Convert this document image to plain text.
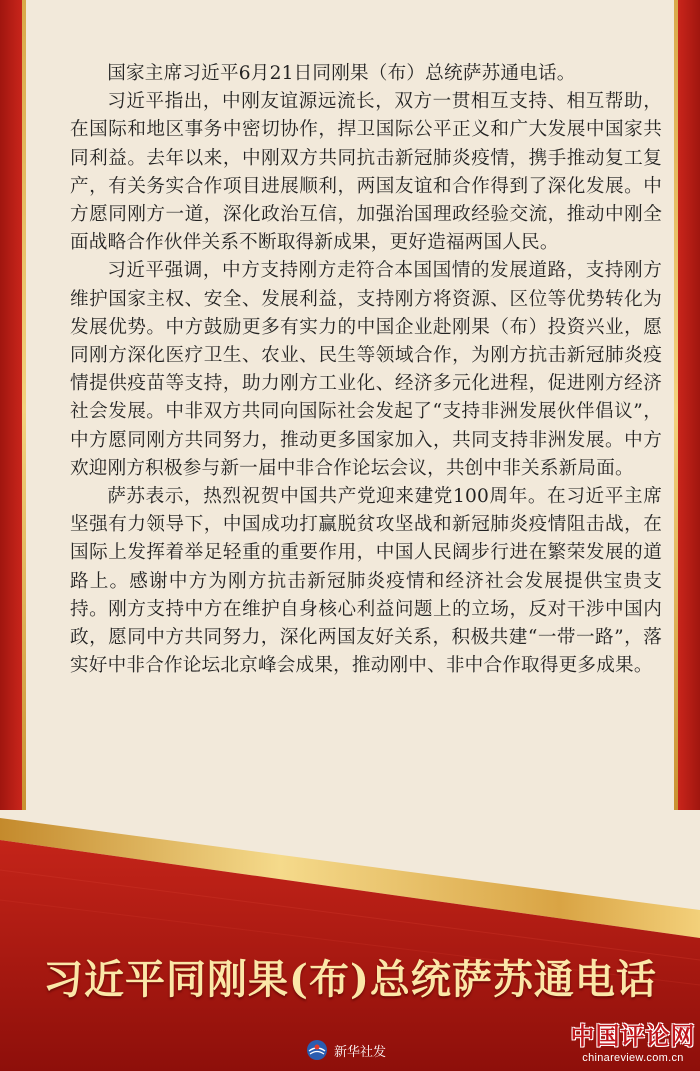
国家主席习近平6月21日同刚果（布）总统萨苏通电话。

习近平指出，中刚友谊源远流长，双方一贯相互支持、相互帮助，在国际和地区事务中密切协作，捍卫国际公平正义和广大发展中国家共同利益。去年以来，中刚双方共同抗击新冠肺炎疫情，携手推动复工复产，有关务实合作项目进展顺利，两国友谊和合作得到了深化发展。中方愿同刚方一道，深化政治互信，加强治国理政经验交流，推动中刚全面战略合作伙伴关系不断取得新成果，更好造福两国人民。

习近平强调，中方支持刚方走符合本国国情的发展道路，支持刚方维护国家主权、安全、发展利益，支持刚方将资源、区位等优势转化为发展优势。中方鼓励更多有实力的中国企业赴刚果（布）投资兴业，愿同刚方深化医疗卫生、农业、民生等领域合作，为刚方抗击新冠肺炎疫情提供疫苗等支持，助力刚方工业化、经济多元化进程，促进刚方经济社会发展。中非双方共同向国际社会发起了“支持非洲发展伙伴倡议”，中方愿同刚方共同努力，推动更多国家加入，共同支持非洲发展。中方欢迎刚方积极参与新一届中非合作论坛会议，共创中非关系新局面。

萨苏表示，热烈祝贺中国共产党迎来建党100周年。在习近平主席坚强有力领导下，中国成功打赢脱贫攻坚战和新冠肺炎疫情阻击战，在国际上发挥着举足轻重的重要作用，中国人民阔步行进在繁荣发展的道路上。感谢中方为刚方抗击新冠肺炎疫情和经济社会发展提供宝贵支持。刚方支持中方在维护自身核心利益问题上的立场，反对干涉中国内政，愿同中方共同努力，深化两国友好关系，积极共建“一带一路”，落实好中非合作论坛北京峰会成果，推动刚中、非中合作取得更多成果。

习近平同刚果(布)总统萨苏通电话
新华社发
中国评论网
chinareview.com.cn
